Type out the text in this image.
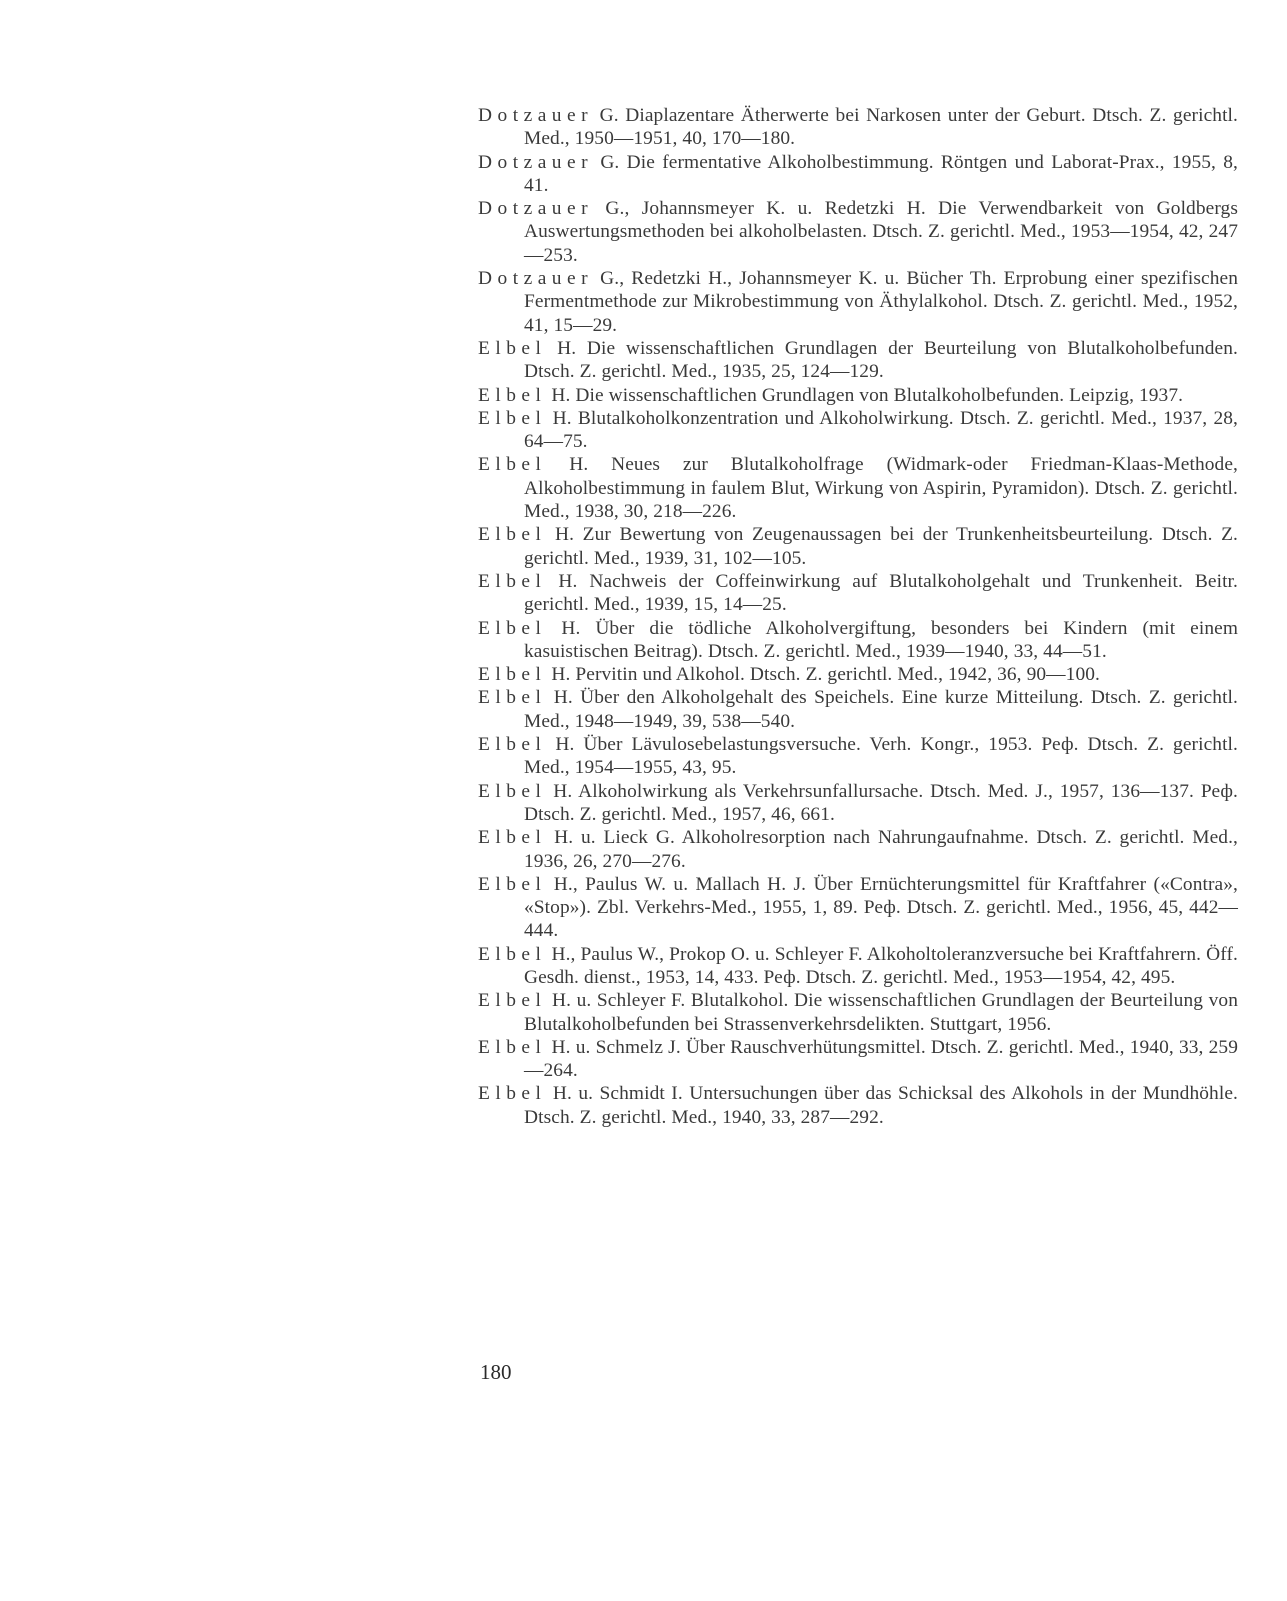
Dotzauer G. Diaplazentare Ätherwerte bei Narkosen unter der Geburt. Dtsch. Z. gerichtl. Med., 1950—1951, 40, 170—180.
Dotzauer G. Die fermentative Alkoholbestimmung. Röntgen und Laborat-Prax., 1955, 8, 41.
Dotzauer G., Johannsmeyer K. u. Redetzki H. Die Verwendbarkeit von Goldbergs Auswertungsmethoden bei alkoholbelasten. Dtsch. Z. gerichtl. Med., 1953—1954, 42, 247—253.
Dotzauer G., Redetzki H., Johannsmeyer K. u. Bücher Th. Erprobung einer spezifischen Fermentmethode zur Mikrobestimmung von Äthylalkohol. Dtsch. Z. gerichtl. Med., 1952, 41, 15—29.
Elbel H. Die wissenschaftlichen Grundlagen der Beurteilung von Blutalkoholbefunden. Dtsch. Z. gerichtl. Med., 1935, 25, 124—129.
Elbel H. Die wissenschaftlichen Grundlagen von Blutalkoholbefunden. Leipzig, 1937.
Elbel H. Blutalkoholkonzentration und Alkoholwirkung. Dtsch. Z. gerichtl. Med., 1937, 28, 64—75.
Elbel H. Neues zur Blutalkoholfrage (Widmark-oder Friedman-Klaas-Methode, Alkoholbestimmung in faulem Blut, Wirkung von Aspirin, Pyramidon). Dtsch. Z. gerichtl. Med., 1938, 30, 218—226.
Elbel H. Zur Bewertung von Zeugenaussagen bei der Trunkenheitsbeurteilung. Dtsch. Z. gerichtl. Med., 1939, 31, 102—105.
Elbel H. Nachweis der Coffeinwirkung auf Blutalkoholgehalt und Trunkenheit. Beitr. gerichtl. Med., 1939, 15, 14—25.
Elbel H. Über die tödliche Alkoholvergiftung, besonders bei Kindern (mit einem kasuistischen Beitrag). Dtsch. Z. gerichtl. Med., 1939—1940, 33, 44—51.
Elbel H. Pervitin und Alkohol. Dtsch. Z. gerichtl. Med., 1942, 36, 90—100.
Elbel H. Über den Alkoholgehalt des Speichels. Eine kurze Mitteilung. Dtsch. Z. gerichtl. Med., 1948—1949, 39, 538—540.
Elbel H. Über Lävulosebelastungsversuche. Verh. Kongr., 1953. Реф. Dtsch. Z. gerichtl. Med., 1954—1955, 43, 95.
Elbel H. Alkoholwirkung als Verkehrsunfallursache. Dtsch. Med. J., 1957, 136—137. Реф. Dtsch. Z. gerichtl. Med., 1957, 46, 661.
Elbel H. u. Lieck G. Alkoholresorption nach Nahrungaufnahme. Dtsch. Z. gerichtl. Med., 1936, 26, 270—276.
Elbel H., Paulus W. u. Mallach H. J. Über Ernüchterungsmittel für Kraftfahrer («Contra», «Stop»). Zbl. Verkehrs-Med., 1955, 1, 89. Реф. Dtsch. Z. gerichtl. Med., 1956, 45, 442—444.
Elbel H., Paulus W., Prokop O. u. Schleyer F. Alkoholtoleranzversuche bei Kraftfahrern. Öff. Gesdh. dienst., 1953, 14, 433. Реф. Dtsch. Z. gerichtl. Med., 1953—1954, 42, 495.
Elbel H. u. Schleyer F. Blutalkohol. Die wissenschaftlichen Grundlagen der Beurteilung von Blutalkoholbefunden bei Strassenverkehrsdelikten. Stuttgart, 1956.
Elbel H. u. Schmelz J. Über Rauschverhütungsmittel. Dtsch. Z. gerichtl. Med., 1940, 33, 259—264.
Elbel H. u. Schmidt I. Untersuchungen über das Schicksal des Alkohols in der Mundhöhle. Dtsch. Z. gerichtl. Med., 1940, 33, 287—292.
180
